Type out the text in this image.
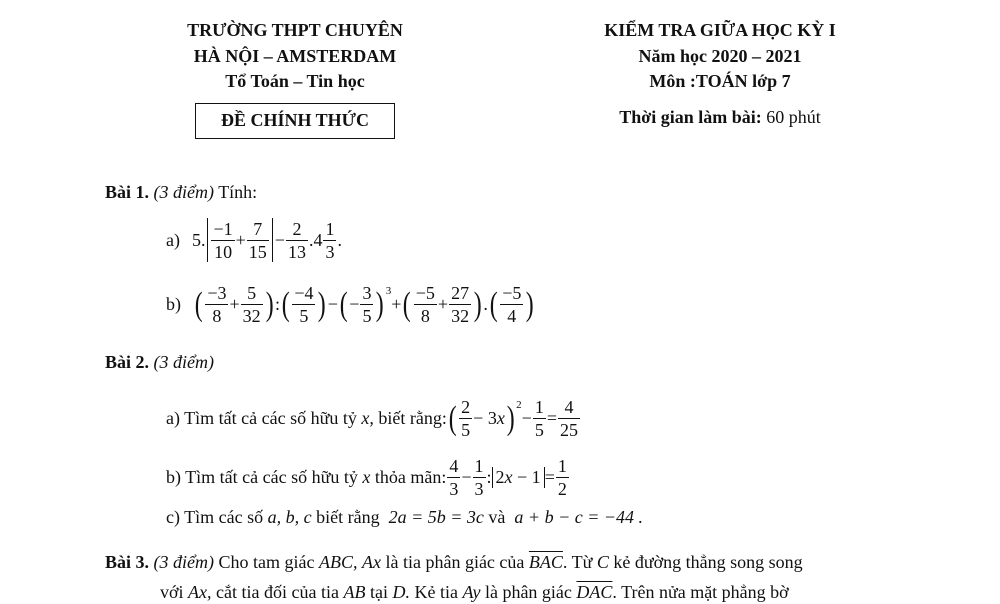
TRƯỜNG THPT CHUYÊN
HÀ NỘI – AMSTERDAM
Tổ Toán – Tin học
ĐỀ CHÍNH THỨC
KIỂM TRA GIỮA HỌC KỲ I
Năm học 2020 – 2021
Môn :TOÁN lớp 7
Thời gian làm bài: 60 phút
Bài 1. (3 điểm) Tính:
a) 5. $\frac{-1}{10} + \frac{7}{15} - \frac{2}{13} .4 \frac{1}{3}$ .
b) ( $\frac{-3}{8} + \frac{5}{32}$ ) : ( $\frac{-4}{5}$ ) − ( − $\frac{3}{5} )^3$
+ ( $\frac{-5}{8} + \frac{27}{32}$ ) . ( $\frac{-5}{4}$ )
Bài 2. (3 điểm)
a) Tìm tất cả các số hữu tỷ
x,
biết rằng: ( $\frac{2}{5} - 3x$ )$^2$
− $\frac{1}{5} = \frac{4}{25}$
b) Tìm tất cả các số hữu tỷ
x
thỏa mãn: $\frac{4}{3} - \frac{1}{3}$ : $2x - 1 = \frac{1}{2}$
c) Tìm các số a, b, c biết rằng 2a = 5b = 3c và a + b − c = −44 .
Bài 3. (3 điểm) Cho tam giác ABC, Ax là tia phân giác của $\overline{BAC}$. Từ C kẻ đường thẳng song song
với Ax, cắt tia đối của tia AB tại D. Kẻ tia Ay là phân giác $\overline{DAC}$. Trên nửa mặt phẳng bờ
